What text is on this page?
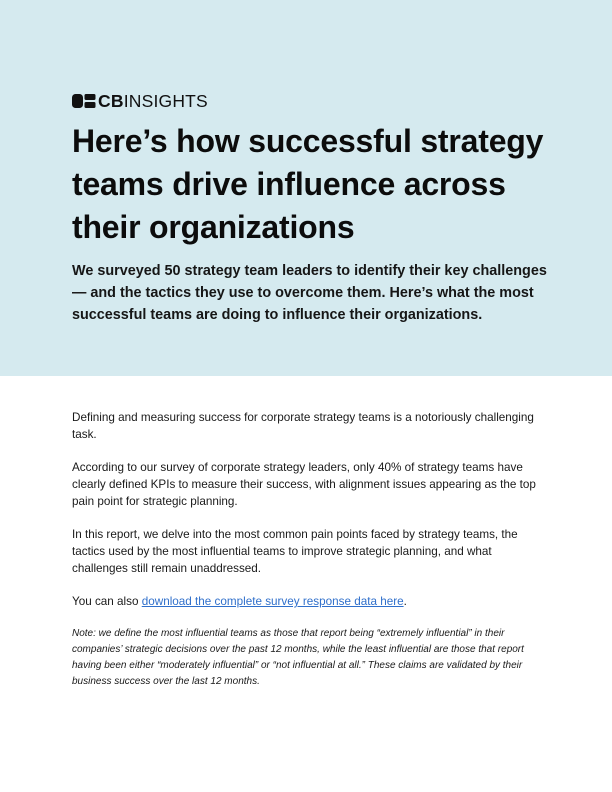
CBINSIGHTS
Here’s how successful strategy teams drive influence across their organizations

We surveyed 50 strategy team leaders to identify their key challenges — and the tactics they use to overcome them. Here’s what the most successful teams are doing to influence their organizations.

Defining and measuring success for corporate strategy teams is a notoriously challenging task.

According to our survey of corporate strategy leaders, only 40% of strategy teams have clearly defined KPIs to measure their success, with alignment issues appearing as the top pain point for strategic planning.

In this report, we delve into the most common pain points faced by strategy teams, the tactics used by the most influential teams to improve strategic planning, and what challenges still remain unaddressed.

You can also download the complete survey response data here.

Note: we define the most influential teams as those that report being “extremely influential” in their companies’ strategic decisions over the past 12 months, while the least influential are those that report having been either “moderately influential” or “not influential at all.” These claims are validated by their business success over the last 12 months.
